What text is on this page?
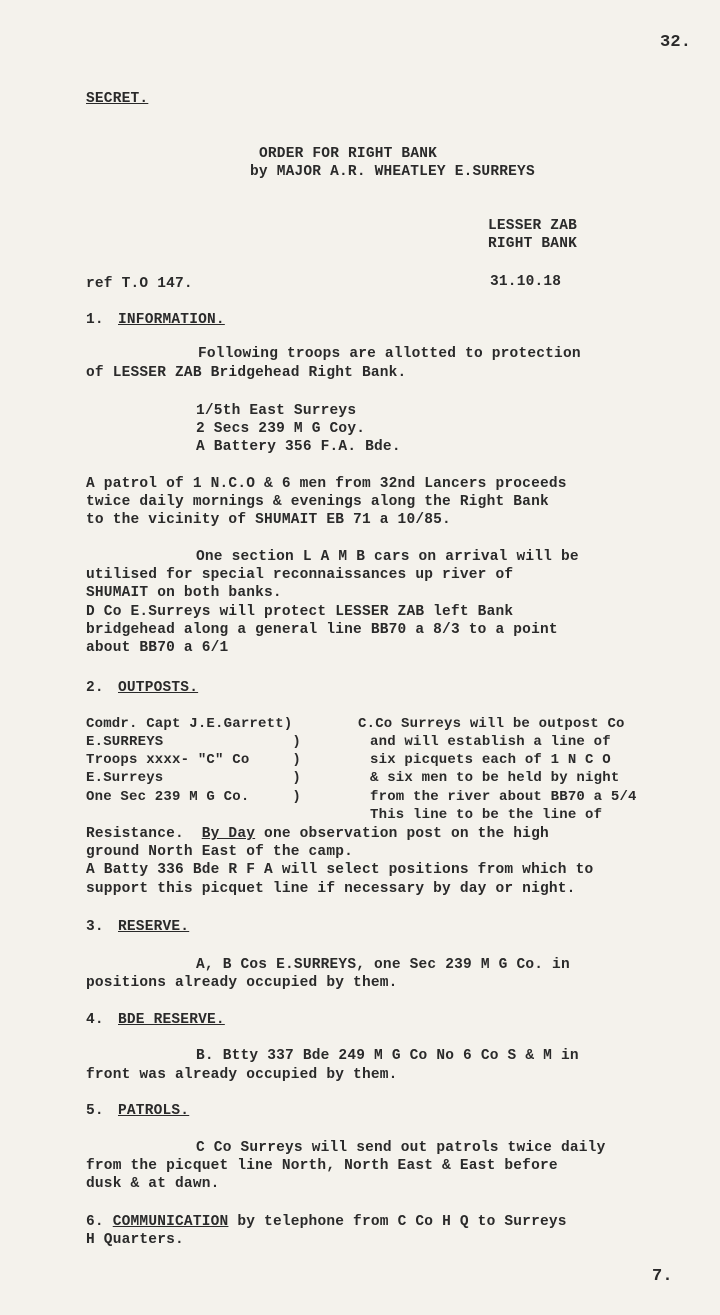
32.
SECRET.
ORDER FOR RIGHT BANK
by MAJOR A.R. WHEATLEY E.SURREYS
LESSER ZAB
RIGHT BANK
ref T.O 147.	31.10.18
1. INFORMATION.
Following troops are allotted to protection
of LESSER ZAB Bridgehead Right Bank.
1/5th East Surreys
2 Secs 239 M G Coy.
A Battery 356 F.A. Bde.
A patrol of 1 N.C.O & 6 men from 32nd Lancers proceeds
twice daily mornings & evenings along the Right Bank
to the vicinity of SHUMAIT EB 71 a 10/85.
One section L A M B cars on arrival will be
utilised for special reconnaissances up river of
SHUMAIT on both banks.
D Co E.Surreys will protect LESSER ZAB left Bank
bridgehead along a general line BB70 a 8/3 to a point
about BB70 a 6/1
2. OUTPOSTS.
Comdr. Capt J.E.Garrett)
E.SURREYS               )
Troops xxxx- "C" Co     )
E.Surreys               )
One Sec 239 M G Co.     )
C.Co Surreys will be outpost Co
and will establish a line of
six picquets each of 1 N C O
& six men to be held by night
from the river about BB70 a 5/4
This line to be the line of
Resistance.  By Day one observation post on the high
ground North East of the camp.
A Batty 336 Bde R F A will select positions from which to
support this picquet line if necessary by day or night.
3. RESERVE.
A, B Cos E.SURREYS, one Sec 239 M G Co. in
positions already occupied by them.
4. BDE RESERVE.
B. Btty 337 Bde 249 M G Co No 6 Co S & M in
front was already occupied by them.
5. PATROLS.
C Co Surreys will send out patrols twice daily
from the picquet line North, North East & East before
dusk & at dawn.
6. COMMUNICATION by telephone from C Co H Q to Surreys
H Quarters.
7.
